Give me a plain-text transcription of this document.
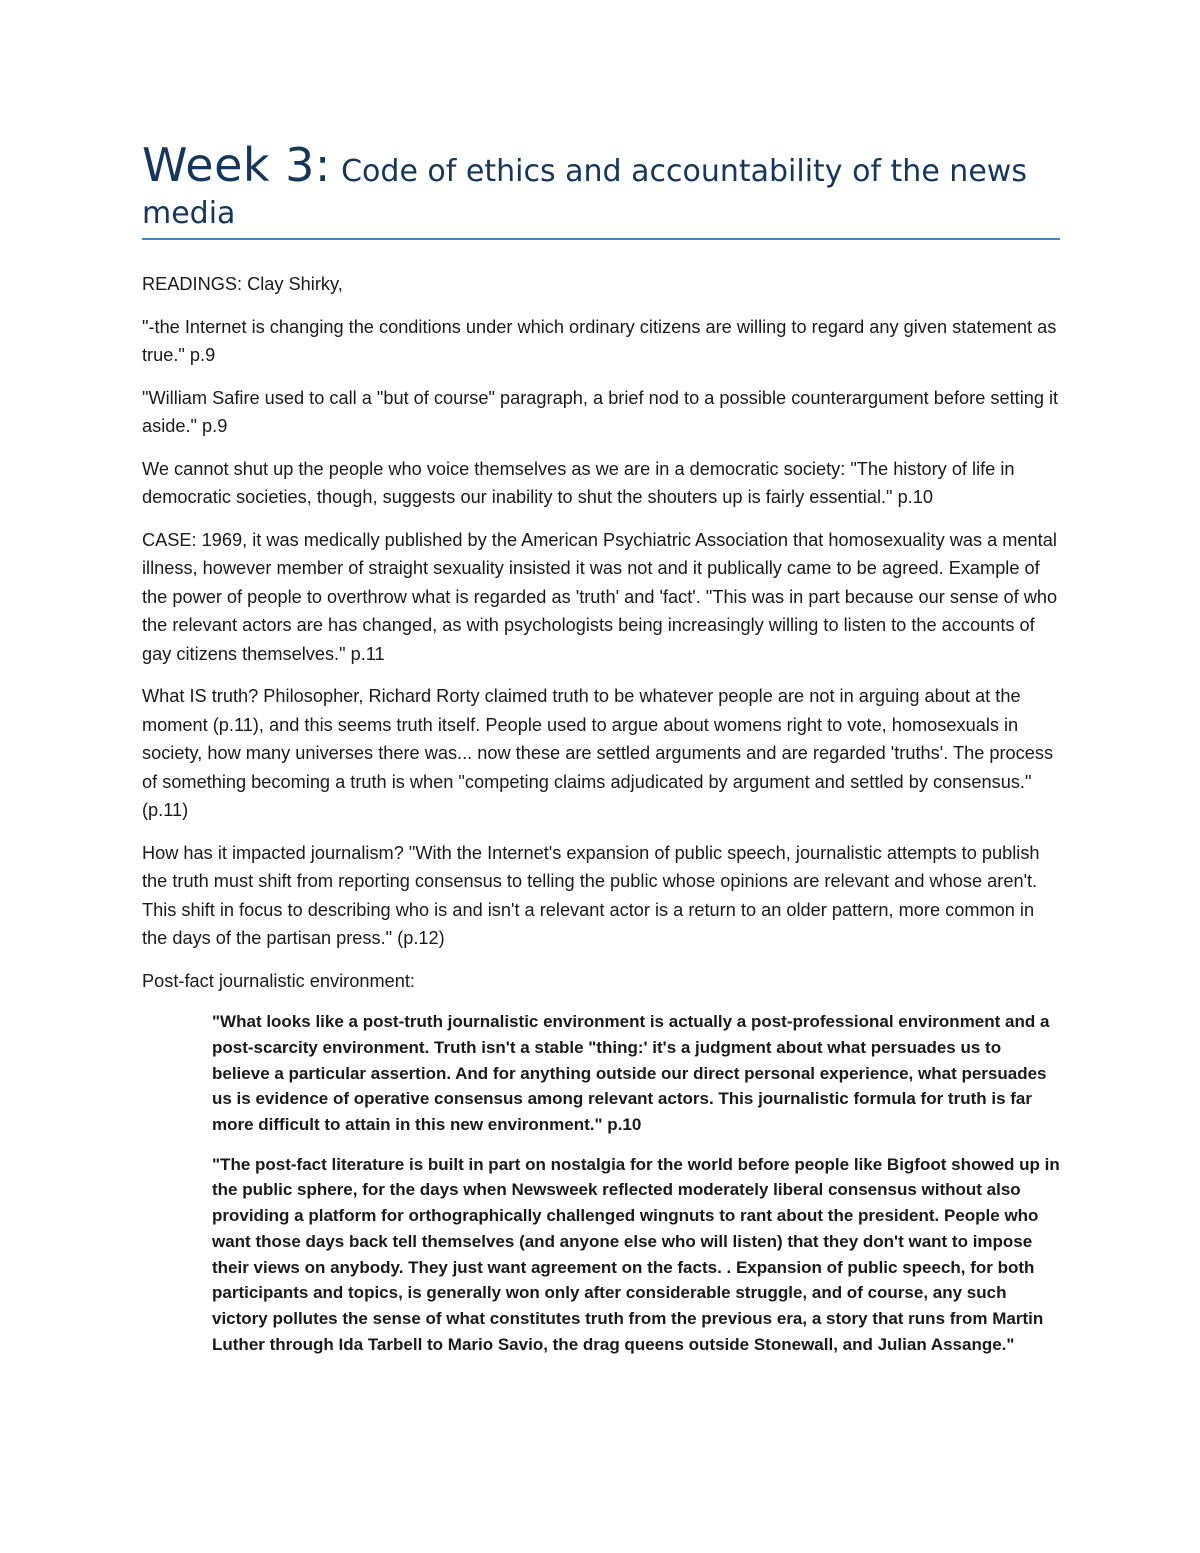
Week 3: Code of ethics and accountability of the news media

READINGS: Clay Shirky,

"-the Internet is changing the conditions under which ordinary citizens are willing to regard any given statement as true." p.9

"William Safire used to call a "but of course" paragraph, a brief nod to a possible counterargument before setting it aside." p.9

We cannot shut up the people who voice themselves as we are in a democratic society: "The history of life in democratic societies, though, suggests our inability to shut the shouters up is fairly essential." p.10

CASE: 1969, it was medically published by the American Psychiatric Association that homosexuality was a mental illness, however member of straight sexuality insisted it was not and it publically came to be agreed. Example of the power of people to overthrow what is regarded as 'truth' and 'fact'. "This was in part because our sense of who the relevant actors are has changed, as with psychologists being increasingly willing to listen to the accounts of gay citizens themselves." p.11

What IS truth? Philosopher, Richard Rorty claimed truth to be whatever people are not in arguing about at the moment (p.11), and this seems truth itself. People used to argue about womens right to vote, homosexuals in society, how many universes there was... now these are settled arguments and are regarded 'truths'. The process of something becoming a truth is when "competing claims adjudicated by argument and settled by consensus." (p.11)

How has it impacted journalism? "With the Internet's expansion of public speech, journalistic attempts to publish the truth must shift from reporting consensus to telling the public whose opinions are relevant and whose aren't. This shift in focus to describing who is and isn't a relevant actor is a return to an older pattern, more common in the days of the partisan press." (p.12)

Post-fact journalistic environment:

"What looks like a post-truth journalistic environment is actually a post-professional environment and a post-scarcity environment. Truth isn't a stable "thing:' it's a judgment about what persuades us to believe a particular assertion. And for anything outside our direct personal experience, what persuades us is evidence of operative consensus among relevant actors. This journalistic formula for truth is far more difficult to attain in this new environment." p.10

"The post-fact literature is built in part on nostalgia for the world before people like Bigfoot showed up in the public sphere, for the days when Newsweek reflected moderately liberal consensus without also providing a platform for orthographically challenged wingnuts to rant about the president. People who want those days back tell themselves (and anyone else who will listen) that they don't want to impose their views on anybody. They just want agreement on the facts. . Expansion of public speech, for both participants and topics, is generally won only after considerable struggle, and of course, any such victory pollutes the sense of what constitutes truth from the previous era, a story that runs from Martin Luther through Ida Tarbell to Mario Savio, the drag queens outside Stonewall, and Julian Assange."
